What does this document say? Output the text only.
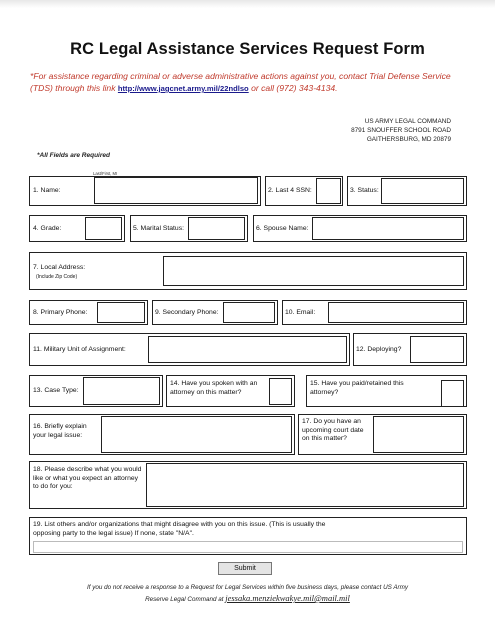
RC Legal Assistance Services Request Form
*For assistance regarding criminal or adverse administrative actions against you, contact Trial Defense Service (TDS) through this link http://www.jagcnet.army.mil/22ndlso or call (972) 343-4134.
US ARMY LEGAL COMMAND
8791 SNOUFFER SCHOOL ROAD
GAITHERSBURG, MD 20879
*All Fields are Required
Last/First, MI
1. Name:	2. Last 4 SSN:	3. Status:
4. Grade:	5. Marital Status:	6. Spouse Name:
7. Local Address:
(Include Zip Code)
8. Primary Phone:	9. Secondary Phone:	10. Email:
11. Military Unit of Assignment:	12. Deploying?
13. Case Type:
14. Have you spoken with an attorney on this matter?
15. Have you paid/retained this attorney?
16. Briefly explain your legal issue:
17. Do you have an upcoming court date on this matter?
18. Please describe what you would like or what you expect an attorney to do for you:
19. List others and/or organizations that might disagree with you on this issue. (This is usually the opposing party to the legal issue) If none, state "N/A".
Submit
If you do not receive a response to a Request for Legal Services within five business days, please contact US Army
Reserve Legal Command at jessaka.menziekwakye.mil@mail.mil
